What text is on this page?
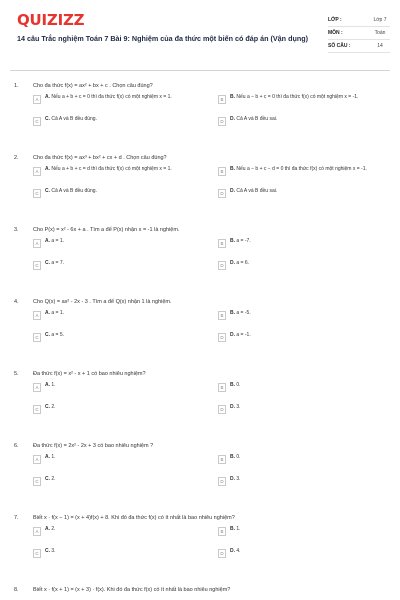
QUIZIZZ
14 câu Trắc nghiệm Toán 7 Bài 9: Nghiệm của đa thức một biến có đáp án (Vận dụng)
LỚP :	Lớp 7
MÔN :	Toán
SỐ CÂU :	14
1.	Cho đa thức f(x) = ax² + bx + c . Chọn câu đúng?
A	A. Nếu a + b + c = 0 thì đa thức f(x) có một nghiệm x = 1.	B	B. Nếu a − b + c = 0 thì đa thức f(x) có một nghiệm x = -1.
C	C. Cả A và B đều đúng.	D	D. Cả A và B đều sai.
2.	Cho đa thức f(x) = ax³ + bx² + cx + d . Chọn câu đúng?
A	A. Nếu a + b + c = d thì đa thức f(x) có một nghiệm x = 1.	B	B. Nếu a − b + c − d = 0 thì đa thức f(x) có một nghiệm x = -1.
C	C. Cả A và B đều đúng.	D	D. Cả A và B đều sai.
3.	Cho P(x) = x² - 6x + a . Tìm a để P(x) nhận x = -1 là nghiệm.
A	A. a = 1.	B	B. a = -7.
C	C. a = 7.	D	D. a = 6.
4.	Cho Q(x) = ax² - 2x - 3 . Tìm a để Q(x) nhận 1 là nghiệm.
A	A. a = 1.	B	B. a = -5.
C	C. a = 5.	D	D. a = -1.
5.	Đa thức f(x) = x² - x + 1 có bao nhiêu nghiệm?
A	A. 1.	B	B. 0.
C	C. 2.	D	D. 3.
6.	Đa thức f(x) = 2x² - 2x + 3 có bao nhiêu nghiệm ?
A	A. 1.	B	B. 0.
C	C. 2.	D	D. 3.
7.	Biết x · f(x − 1) = (x + 4)f(x) + 8. Khi đó đa thức f(x) có ít nhất là bao nhiêu nghiệm?
A	A. 2.	B	B. 1.
C	C. 3.	D	D. 4.
8.	Biết x · f(x + 1) = (x + 3) · f(x). Khi đó đa thức f(x) có ít nhất là bao nhiêu nghiệm?
